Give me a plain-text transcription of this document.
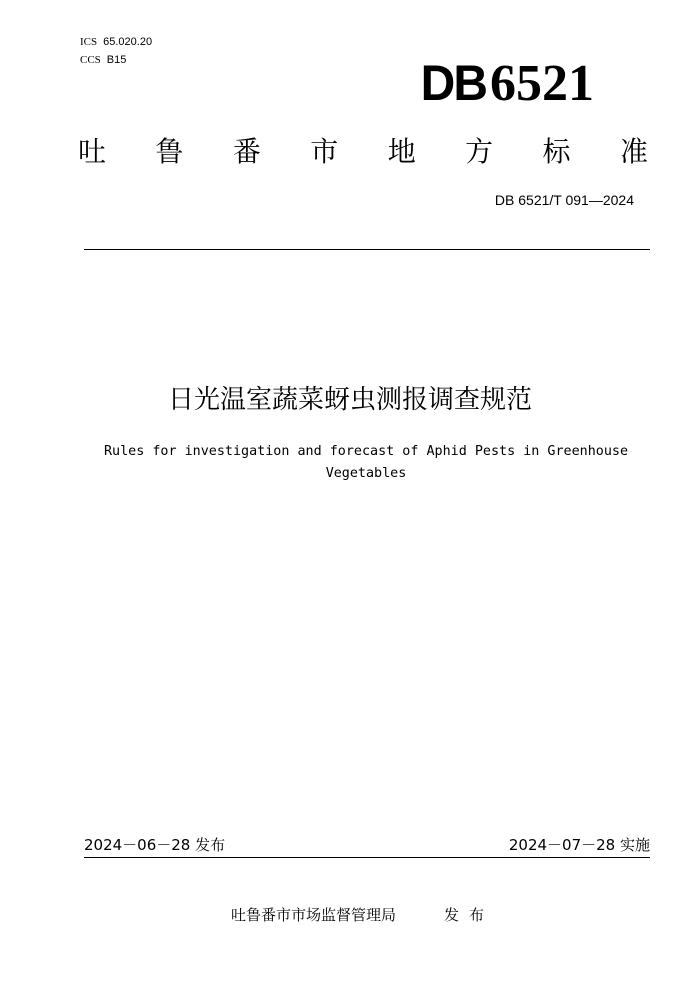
ICS 65.020.20
CCS B15	DB 6521
吐 鲁 番 市 地 方 标 准
DB 6521/T 091—2024
日光温室蔬菜蚜虫测报调查规范
Rules for investigation and forecast of Aphid Pests in Greenhouse Vegetables
2024－06－28 发布	2024－07－28 实施
吐鲁番市市场监督管理局	发布
